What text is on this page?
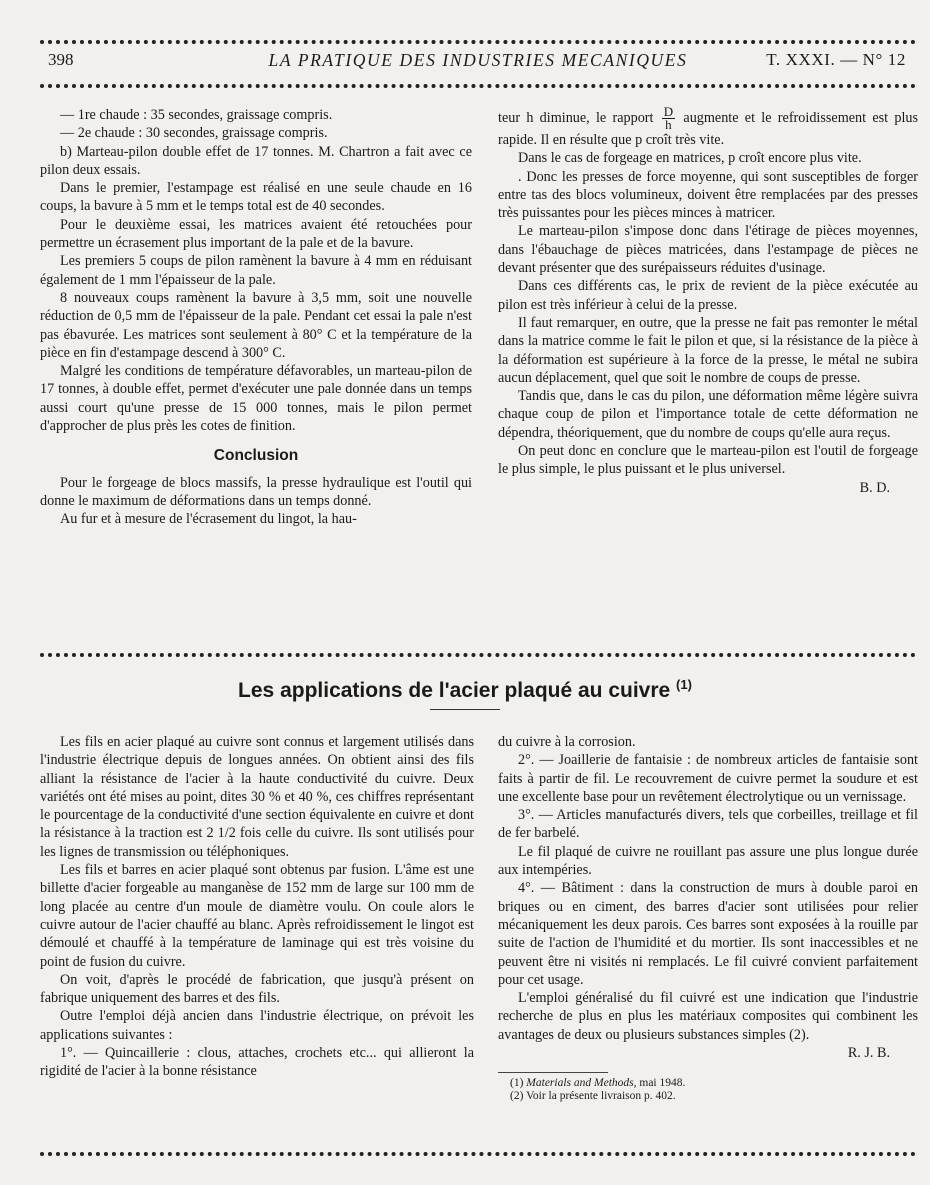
398	LA PRATIQUE DES INDUSTRIES MECANIQUES	T. XXXI. — N° 12

— 1re chaude : 35 secondes, graissage compris.

— 2e chaude : 30 secondes, graissage compris.

b) Marteau-pilon double effet de 17 tonnes. M. Chartron a fait avec ce pilon deux essais.

Dans le premier, l'estampage est réalisé en une seule chaude en 16 coups, la bavure à 5 mm et le temps total est de 40 secondes.

Pour le deuxième essai, les matrices avaient été retouchées pour permettre un écrasement plus important de la pale et de la bavure.

Les premiers 5 coups de pilon ramènent la bavure à 4 mm en réduisant également de 1 mm l'épaisseur de la pale.

8 nouveaux coups ramènent la bavure à 3,5 mm, soit une nouvelle réduction de 0,5 mm de l'épaisseur de la pale. Pendant cet essai la pale n'est pas ébavurée. Les matrices sont seulement à 80° C et la température de la pièce en fin d'estampage descend à 300° C.

Malgré les conditions de température défavorables, un marteau-pilon de 17 tonnes, à double effet, permet d'exécuter une pale donnée dans un temps aussi court qu'une presse de 15 000 tonnes, mais le pilon permet d'approcher de plus près les cotes de finition.

Conclusion

Pour le forgeage de blocs massifs, la presse hydraulique est l'outil qui donne le maximum de déformations dans un temps donné.

Au fur et à mesure de l'écrasement du lingot, la hau-

teur h diminue, le rapport $\frac{D}{h}$ augmente et le refroidissement est plus rapide. Il en résulte que p croît très vite.

Dans le cas de forgeage en matrices, p croît encore plus vite.

. Donc les presses de force moyenne, qui sont susceptibles de forger entre tas des blocs volumineux, doivent être remplacées par des presses très puissantes pour les pièces minces à matricer.

Le marteau-pilon s'impose donc dans l'étirage de pièces moyennes, dans l'ébauchage de pièces matricées, dans l'estampage de pièces ne devant présenter que des surépaisseurs réduites d'usinage.

Dans ces différents cas, le prix de revient de la pièce exécutée au pilon est très inférieur à celui de la presse.

Il faut remarquer, en outre, que la presse ne fait pas remonter le métal dans la matrice comme le fait le pilon et que, si la résistance de la pièce à la déformation est supérieure à la force de la presse, le métal ne subira aucun déplacement, quel que soit le nombre de coups de presse.

Tandis que, dans le cas du pilon, une déformation même légère suivra chaque coup de pilon et l'importance totale de cette déformation ne dépendra, théoriquement, que du nombre de coups qu'elle aura reçus.

On peut donc en conclure que le marteau-pilon est l'outil de forgeage le plus simple, le plus puissant et le plus universel.

B. D.

Les applications de l'acier plaqué au cuivre $^{(1)}$

Les fils en acier plaqué au cuivre sont connus et largement utilisés dans l'industrie électrique depuis de longues années. On obtient ainsi des fils alliant la résistance de l'acier à la haute conductivité du cuivre. Deux variétés ont été mises au point, dites 30 % et 40 %, ces chiffres représentant le pourcentage de la conductivité d'une section équivalente en cuivre et dont la résistance à la traction est 2 1/2 fois celle du cuivre. Ils sont utilisés pour les lignes de transmission ou téléphoniques.

Les fils et barres en acier plaqué sont obtenus par fusion. L'âme est une billette d'acier forgeable au manganèse de 152 mm de large sur 100 mm de long placée au centre d'un moule de diamètre voulu. On coule alors le cuivre autour de l'acier chauffé au blanc. Après refroidissement le lingot est démoulé et chauffé à la température de laminage qui est très voisine du point de fusion du cuivre.

On voit, d'après le procédé de fabrication, que jusqu'à présent on fabrique uniquement des barres et des fils.

Outre l'emploi déjà ancien dans l'industrie électrique, on prévoit les applications suivantes :

1°. — Quincaillerie : clous, attaches, crochets etc... qui allieront la rigidité de l'acier à la bonne résistance

du cuivre à la corrosion.

2°. — Joaillerie de fantaisie : de nombreux articles de fantaisie sont faits à partir de fil. Le recouvrement de cuivre permet la soudure et est une excellente base pour un revêtement électrolytique ou un vernissage.

3°. — Articles manufacturés divers, tels que corbeilles, treillage et fil de fer barbelé.

Le fil plaqué de cuivre ne rouillant pas assure une plus longue durée aux intempéries.

4°. — Bâtiment : dans la construction de murs à double paroi en briques ou en ciment, des barres d'acier sont utilisées pour relier mécaniquement les deux parois. Ces barres sont exposées à la rouille par suite de l'action de l'humidité et du mortier. Ils sont inaccessibles et ne peuvent être ni visités ni remplacés. Le fil cuivré convient parfaitement pour cet usage.

L'emploi généralisé du fil cuivré est une indication que l'industrie recherche de plus en plus les matériaux composites qui combinent les avantages de deux ou plusieurs substances simples (2).

R. J. B.

(1) Materials and Methods, mai 1948.

(2) Voir la présente livraison p. 402.
